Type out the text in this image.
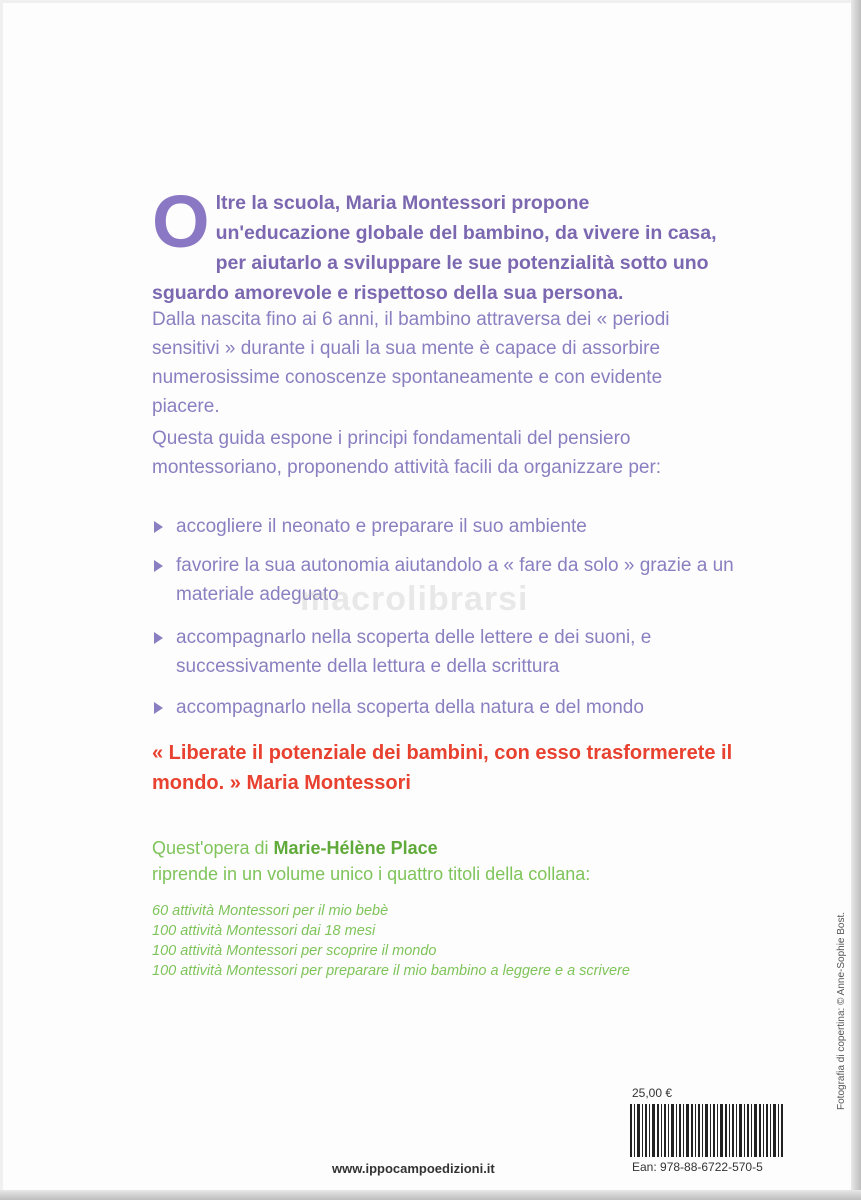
Oltre la scuola, Maria Montessori propone un'educazione globale del bambino, da vivere in casa, per aiutarlo a sviluppare le sue potenzialità sotto uno sguardo amorevole e rispettoso della sua persona.
Dalla nascita fino ai 6 anni, il bambino attraversa dei « periodi sensitivi » durante i quali la sua mente è capace di assorbire numerosissime conoscenze spontaneamente e con evidente piacere.
Questa guida espone i principi fondamentali del pensiero montessoriano, proponendo attività facili da organizzare per:
accogliere il neonato e preparare il suo ambiente
favorire la sua autonomia aiutandolo a « fare da solo » grazie a un materiale adeguato
accompagnarlo nella scoperta delle lettere e dei suoni, e successivamente della lettura e della scrittura
accompagnarlo nella scoperta della natura e del mondo
macrolibrarsi
« Liberate il potenziale dei bambini, con esso trasformerete il mondo. » Maria Montessori
Quest'opera di Marie-Hélène Place
riprende in un volume unico i quattro titoli della collana:
60 attività Montessori per il mio bebè
100 attività Montessori dai 18 mesi
100 attività Montessori per scoprire il mondo
100 attività Montessori per preparare il mio bambino a leggere e a scrivere
25,00 €
Ean: 978-88-6722-570-5
www.ippocampoedizioni.it
Fotografia di copertina: © Anne-Sophie Bost.
